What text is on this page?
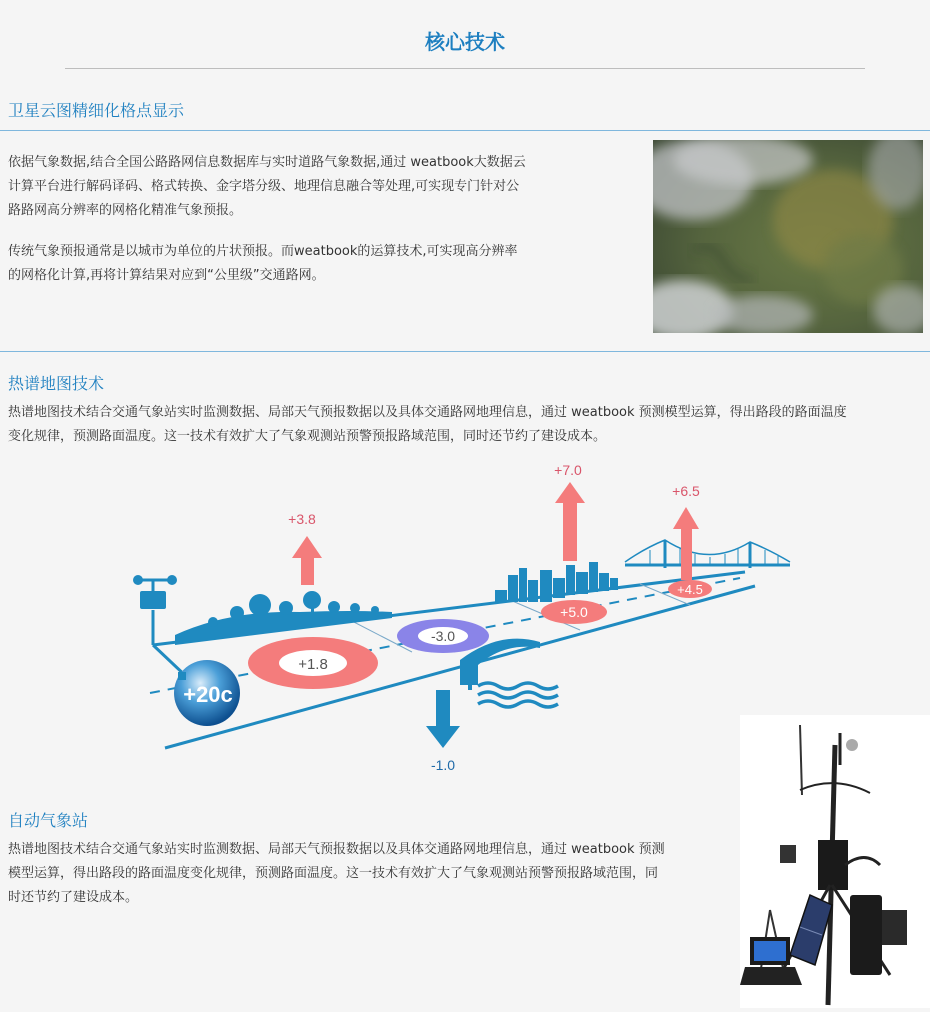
核心技术
卫星云图精细化格点显示
依据气象数据,结合全国公路路网信息数据库与实时道路气象数据,通过 weatbook大数据云
计算平台进行解码译码、格式转换、金字塔分级、地理信息融合等处理,可实现专门针对公
路路网高分辨率的网格化精准气象预报。
传统气象预报通常是以城市为单位的片状预报。而weatbook的运算技术,可实现高分辨率
的网格化计算,再将计算结果对应到“公里级”交通路网。
热谱地图技术
热谱地图技术结合交通气象站实时监测数据、局部天气预报数据以及具体交通路网地理信息，通过 weatbook 预测模型运算，得出路段的路面温度
变化规律，预测路面温度。这一技术有效扩大了气象观测站预警预报路域范围，同时还节约了建设成本。
+1.8
-3.0
+5.0
+4.5
+20c
+3.8
+7.0
+6.5
-1.0
自动气象站
热谱地图技术结合交通气象站实时监测数据、局部天气预报数据以及具体交通路网地理信息，通过 weatbook 预测
模型运算，得出路段的路面温度变化规律，预测路面温度。这一技术有效扩大了气象观测站预警预报路域范围，同
时还节约了建设成本。
